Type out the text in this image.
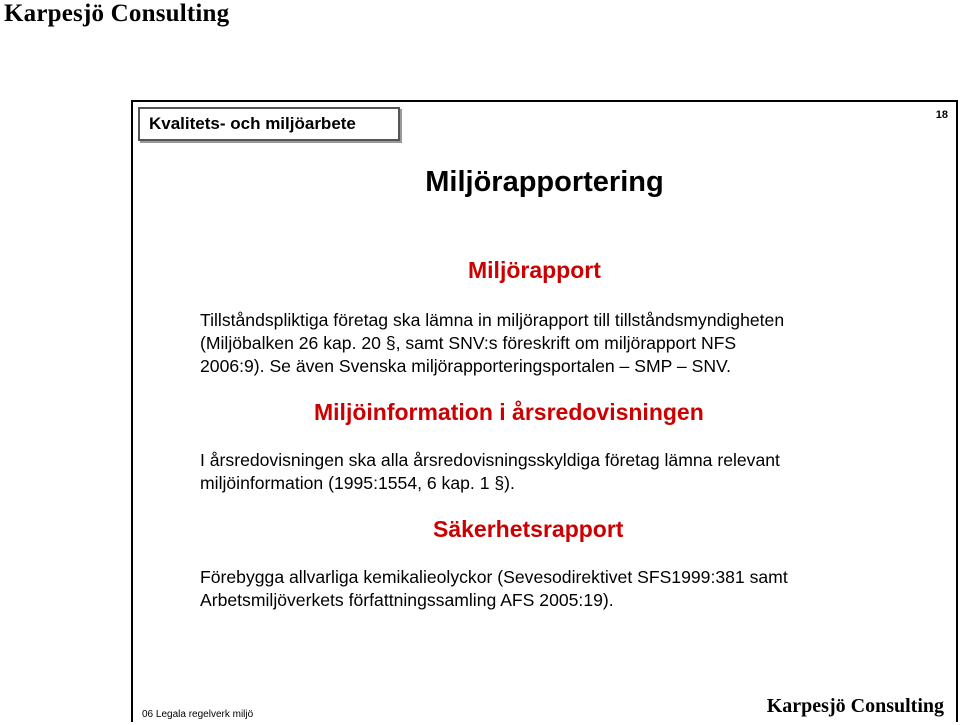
Karpesjö Consulting
Kvalitets- och miljöarbete	18
Miljörapportering
Miljörapport
Tillståndspliktiga företag ska lämna in miljörapport till tillståndsmyndigheten
(Miljöbalken 26 kap. 20 §, samt SNV:s föreskrift om miljörapport NFS
2006:9). Se även Svenska miljörapporteringsportalen – SMP – SNV.
Miljöinformation i årsredovisningen
I årsredovisningen ska alla årsredovisningsskyldiga företag lämna relevant
miljöinformation (1995:1554, 6 kap. 1 §).
Säkerhetsrapport
Förebygga allvarliga kemikalieolyckor (Sevesodirektivet SFS1999:381 samt
Arbetsmiljöverkets författningssamling AFS 2005:19).
06 Legala regelverk miljö	Karpesjö Consulting
